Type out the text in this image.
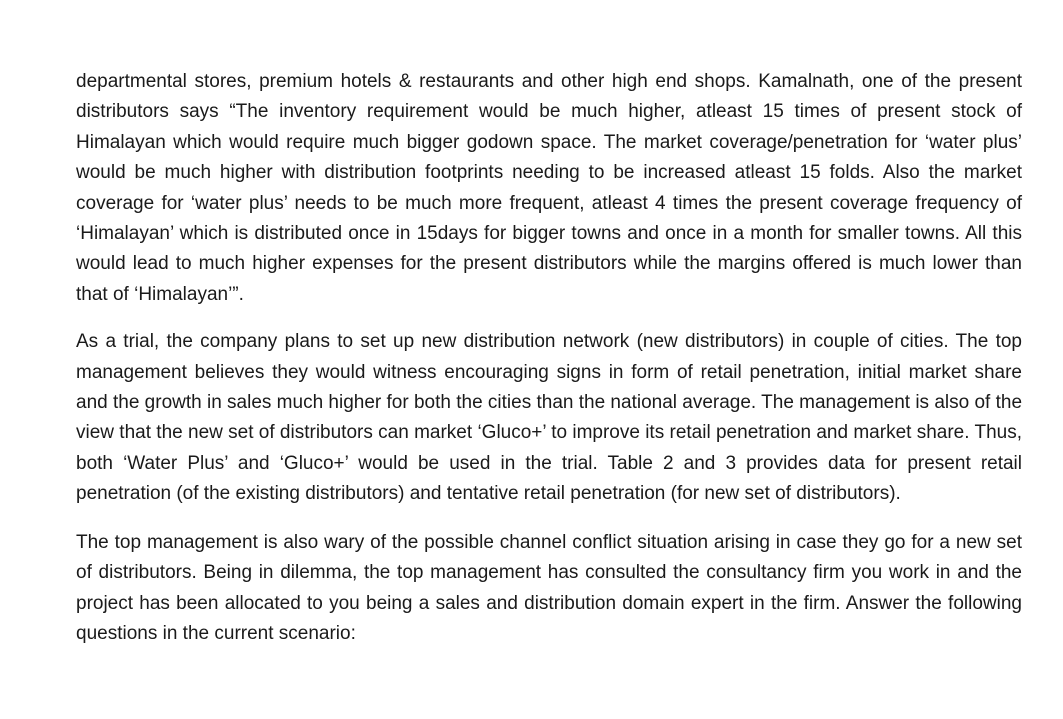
departmental stores, premium hotels & restaurants and other high end shops. Kamalnath, one of the present distributors says “The inventory requirement would be much higher, atleast 15 times of present stock of Himalayan which would require much bigger godown space. The market coverage/penetration for ‘water plus’ would be much higher with distribution footprints needing to be increased atleast 15 folds. Also the market coverage for ‘water plus’ needs to be much more frequent, atleast 4 times the present coverage frequency of ‘Himalayan’ which is distributed once in 15days for bigger towns and once in a month for smaller towns. All this would lead to much higher expenses for the present distributors while the margins offered is much lower than that of ‘Himalayan’”.

As a trial, the company plans to set up new distribution network (new distributors) in couple of cities. The top management believes they would witness encouraging signs in form of retail penetration, initial market share and the growth in sales much higher for both the cities than the national average. The management is also of the view that the new set of distributors can market ‘Gluco+’ to improve its retail penetration and market share. Thus, both ‘Water Plus’ and ‘Gluco+’ would be used in the trial. Table 2 and 3 provides data for present retail penetration (of the existing distributors) and tentative retail penetration (for new set of distributors).

The top management is also wary of the possible channel conflict situation arising in case they go for a new set of distributors. Being in dilemma, the top management has consulted the consultancy firm you work in and the project has been allocated to you being a sales and distribution domain expert in the firm. Answer the following questions in the current scenario:
